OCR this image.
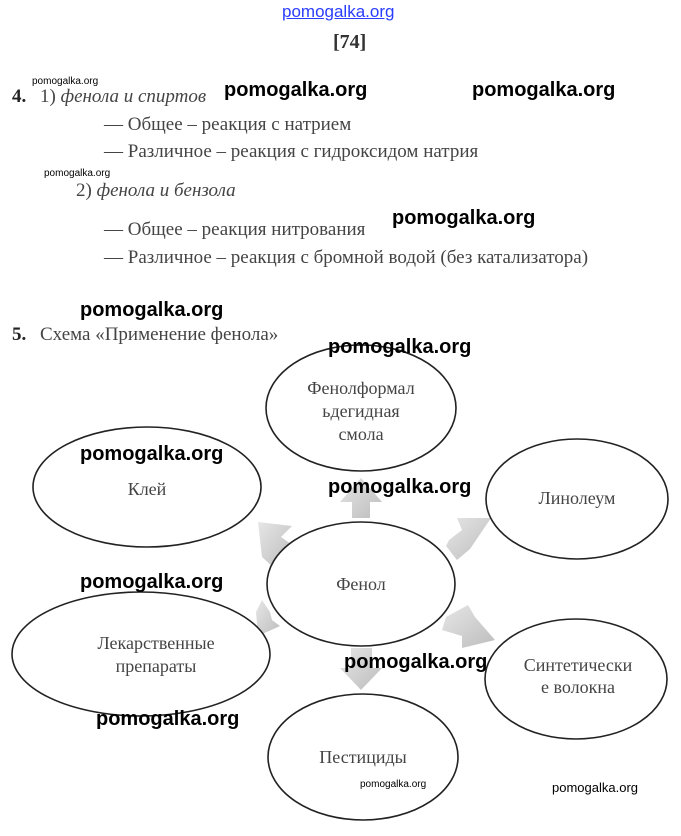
pomogalka.org
[74]
4. 1) фенола и спиртов
— Общее – реакция с натрием
— Различное – реакция с гидроксидом натрия
2) фенола и бензола
— Общее – реакция нитрования
— Различное – реакция с бромной водой (без катализатора)
5. Схема «Применение фенола»
Фенолформал
ьдегидная
смола
Клей	Линолеум
Фенол
Лекарственные
препараты	Синтетически
е волокна
Пестициды
pomogalka.org	pomogalka.org	pomogalka.org
pomogalka.org
pomogalka.org
pomogalka.org
pomogalka.org
pomogalka.org
pomogalka.org
pomogalka.org
pomogalka.org
pomogalka.org
pomogalka.org	pomogalka.org
